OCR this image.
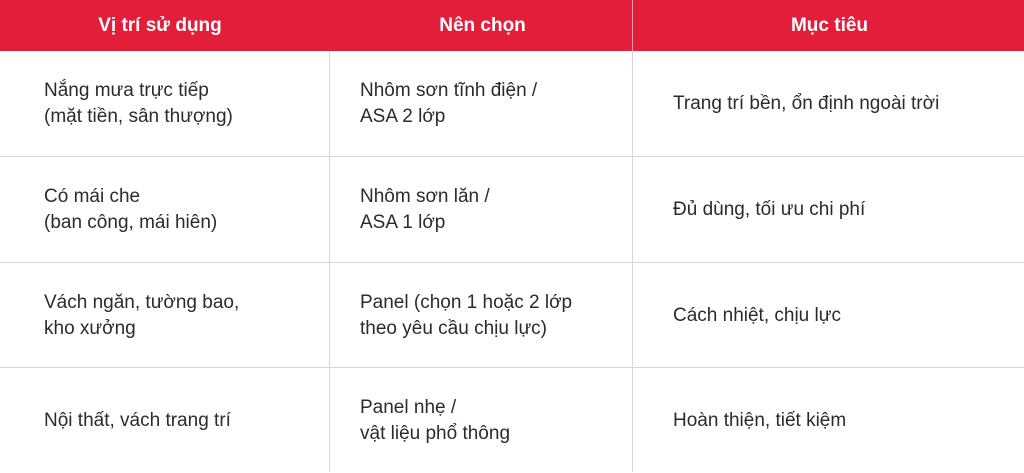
Vị trí sử dụng	Nên chọn	Mục tiêu
Nắng mưa trực tiếp
(mặt tiền, sân thượng)
Nhôm sơn tĩnh điện /
ASA 2 lớp
Trang trí bền, ổn định ngoài trời
Có mái che
(ban công, mái hiên)
Nhôm sơn lăn /
ASA 1 lớp
Đủ dùng, tối ưu chi phí
Vách ngăn, tường bao,
kho xưởng
Panel (chọn 1 hoặc 2 lớp
theo yêu cầu chịu lực)
Cách nhiệt, chịu lực
Nội thất, vách trang trí
Panel nhẹ /
vật liệu phổ thông
Hoàn thiện, tiết kiệm
